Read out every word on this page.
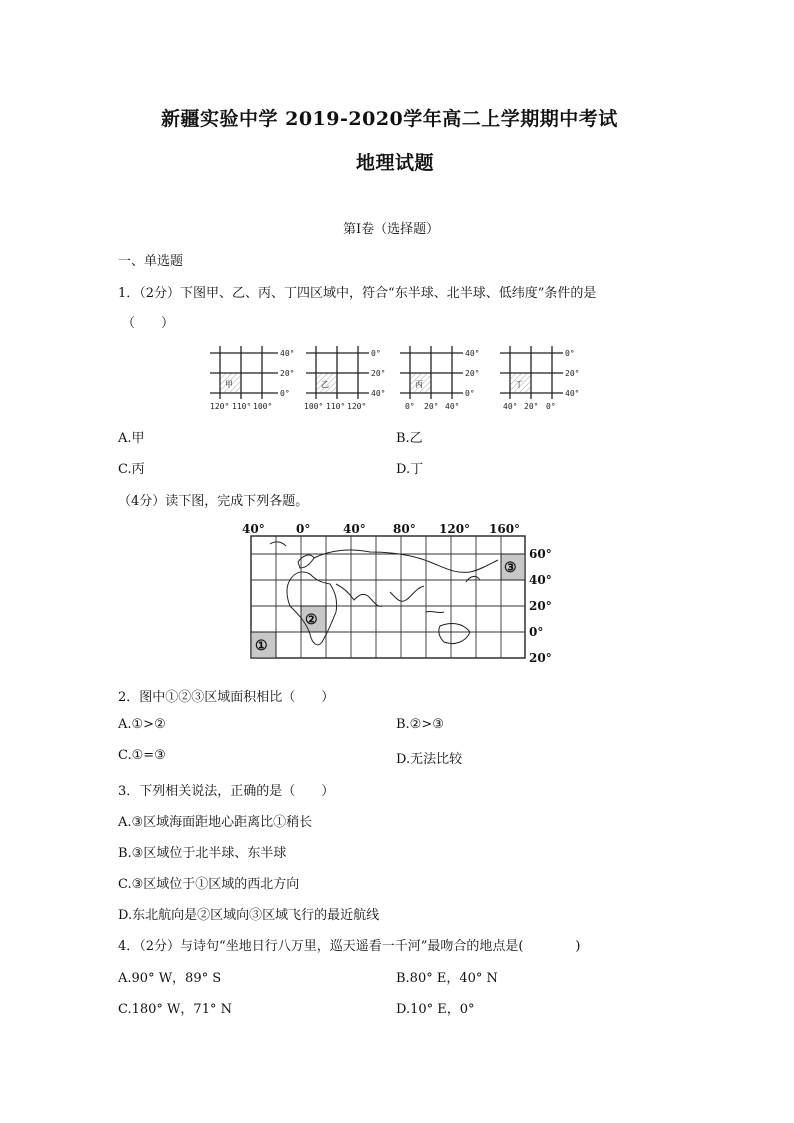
新疆实验中学 2019-2020学年高二上学期期中考试
地理试题
第I卷（选择题）
一、单选题
1．（2分）下图甲、乙、丙、丁四区域中，符合“东半球、北半球、低纬度”条件的是
（　　）
甲
40°
20°
0°
120° 110° 100°
乙
0°
20°
40°
100° 110° 120°
丙
40°
20°
0°
0° 20° 40°
丁
0°
20°
40°
40° 20° 0°
A.甲	B.乙
C.丙	D.丁
（4分）读下图，完成下列各题。
40°	0°	40° 80° 120° 160°
60°
40°
20°
0°
20°
①
②
③
2．图中①②③区域面积相比（　　）
A.①>②	B.②>③
C.①=③	D.无法比较
3．下列相关说法，正确的是（　　）
A.③区域海面距地心距离比①稍长
B.③区域位于北半球、东半球
C.③区域位于①区域的西北方向
D.东北航向是②区域向③区域飞行的最近航线
4．（2分）与诗句“坐地日行八万里，巡天遥看一千河”最吻合的地点是(　　　　)
A.90° W，89° S	B.80° E，40° N
C.180° W，71° N	D.10° E，0°
